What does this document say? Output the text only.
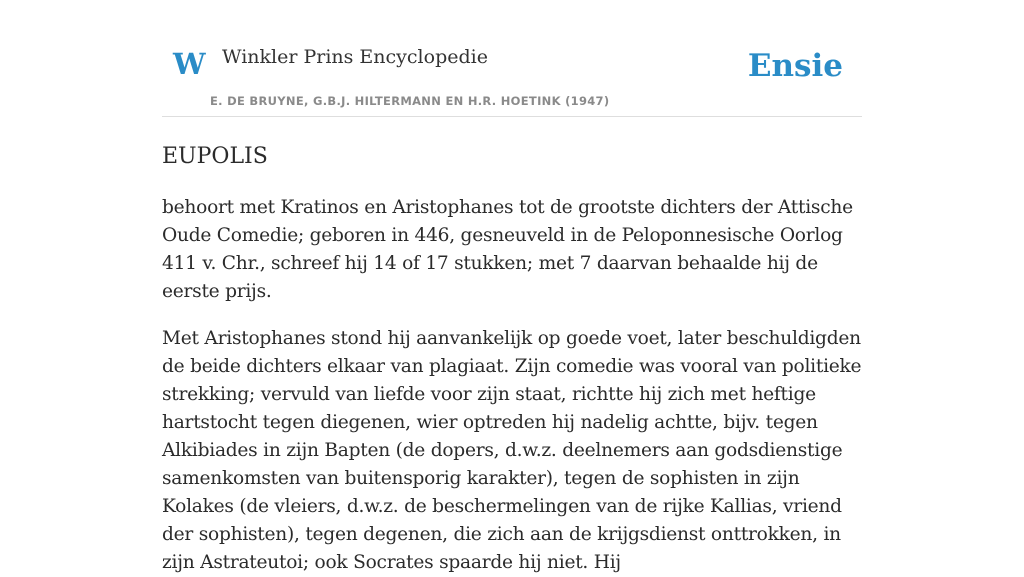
W Winkler Prins Encyclopedie
E. DE BRUYNE, G.B.J. HILTERMANN EN H.R. HOETINK (1947)
Ensie
EUPOLIS

behoort met Kratinos en Aristophanes tot de grootste dichters der Attische Oude Comedie; geboren in 446, gesneuveld in de Peloponnesische Oorlog 411 v. Chr., schreef hij 14 of 17 stukken; met 7 daarvan behaalde hij de eerste prijs.

Met Aristophanes stond hij aanvankelijk op goede voet, later beschuldigden de beide dichters elkaar van plagiaat. Zijn comedie was vooral van politieke strekking; vervuld van liefde voor zijn staat, richtte hij zich met heftige hartstocht tegen diegenen, wier optreden hij nadelig achtte, bijv. tegen Alkibiades in zijn Bapten (de dopers, d.w.z. deelnemers aan godsdienstige samenkomsten van buitensporig karakter), tegen de sophisten in zijn Kolakes (de vleiers, d.w.z. de beschermelingen van de rijke Kallias, vriend der sophisten), tegen degenen, die zich aan de krijgsdienst onttrokken, in zijn Astrateutoi; ook Socrates spaarde hij niet. Hij
